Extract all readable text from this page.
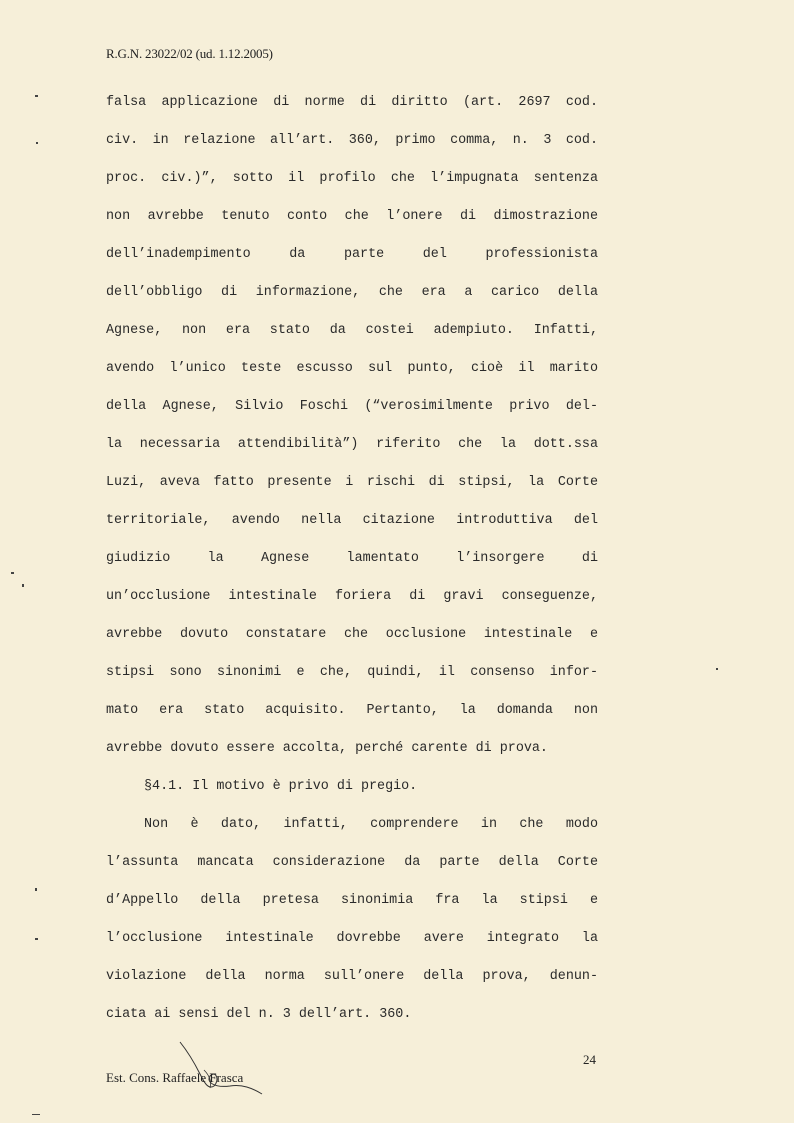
R.G.N. 23022/02 (ud. 1.12.2005)
falsa applicazione di norme di diritto (art. 2697 cod.
civ. in relazione all’art. 360, primo comma, n. 3 cod.
proc. civ.)”, sotto il profilo che l’impugnata sentenza
non avrebbe tenuto conto che l’onere di dimostrazione
dell’inadempimento da parte del professionista
dell’obbligo di informazione, che era a carico della
Agnese, non era stato da costei adempiuto. Infatti,
avendo l’unico teste escusso sul punto, cioè il marito
della Agnese, Silvio Foschi (“verosimilmente privo del-
la necessaria attendibilità”) riferito che la dott.ssa
Luzi, aveva fatto presente i rischi di stipsi, la Corte
territoriale, avendo nella citazione introduttiva del
giudizio la Agnese lamentato l’insorgere di
un’occlusione intestinale foriera di gravi conseguenze,
avrebbe dovuto constatare che occlusione intestinale e
stipsi sono sinonimi e che, quindi, il consenso infor-
mato era stato acquisito. Pertanto, la domanda non
avrebbe dovuto essere accolta, perché carente di prova.
§4.1. Il motivo è privo di pregio.
Non è dato, infatti, comprendere in che modo
l’assunta mancata considerazione da parte della Corte
d’Appello della pretesa sinonimia fra la stipsi e
l’occlusione intestinale dovrebbe avere integrato la
violazione della norma sull’onere della prova, denun-
ciata ai sensi del n. 3 dell’art. 360.
24
Est. Cons. Raffaele Frasca
